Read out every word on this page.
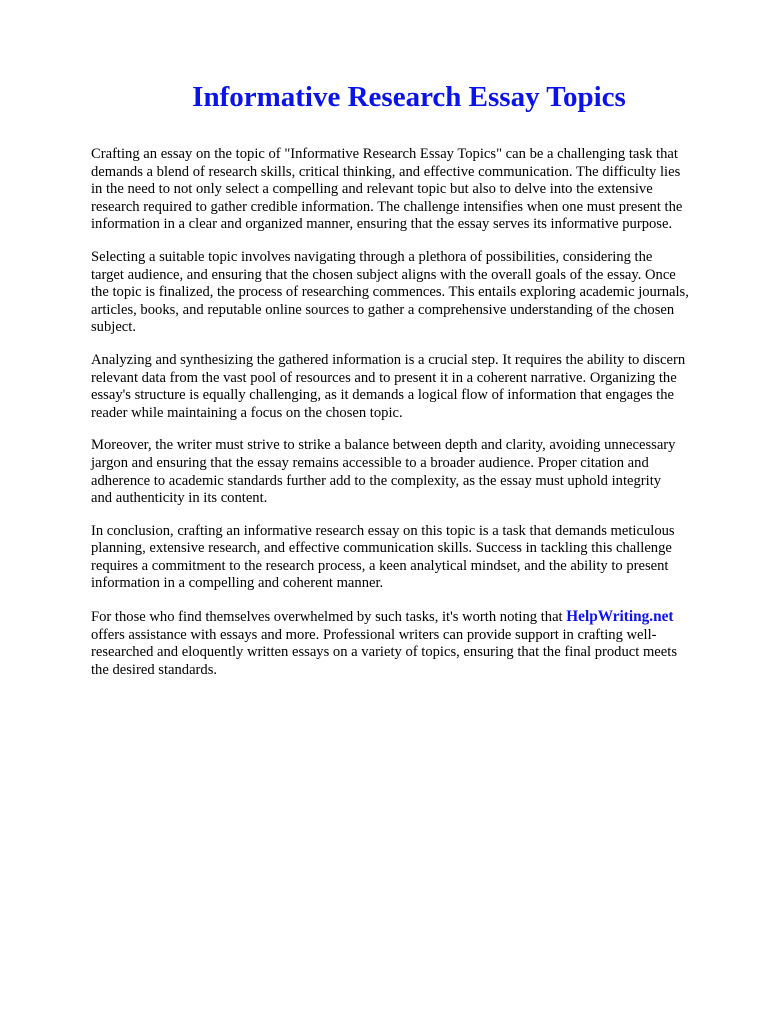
Informative Research Essay Topics

Crafting an essay on the topic of "Informative Research Essay Topics" can be a challenging task that
demands a blend of research skills, critical thinking, and effective communication. The difficulty lies
in the need to not only select a compelling and relevant topic but also to delve into the extensive
research required to gather credible information. The challenge intensifies when one must present the
information in a clear and organized manner, ensuring that the essay serves its informative purpose.

Selecting a suitable topic involves navigating through a plethora of possibilities, considering the
target audience, and ensuring that the chosen subject aligns with the overall goals of the essay. Once
the topic is finalized, the process of researching commences. This entails exploring academic journals,
articles, books, and reputable online sources to gather a comprehensive understanding of the chosen
subject.

Analyzing and synthesizing the gathered information is a crucial step. It requires the ability to discern
relevant data from the vast pool of resources and to present it in a coherent narrative. Organizing the
essay's structure is equally challenging, as it demands a logical flow of information that engages the
reader while maintaining a focus on the chosen topic.

Moreover, the writer must strive to strike a balance between depth and clarity, avoiding unnecessary
jargon and ensuring that the essay remains accessible to a broader audience. Proper citation and
adherence to academic standards further add to the complexity, as the essay must uphold integrity
and authenticity in its content.

In conclusion, crafting an informative research essay on this topic is a task that demands meticulous
planning, extensive research, and effective communication skills. Success in tackling this challenge
requires a commitment to the research process, a keen analytical mindset, and the ability to present
information in a compelling and coherent manner.

For those who find themselves overwhelmed by such tasks, it's worth noting that HelpWriting.net
offers assistance with essays and more. Professional writers can provide support in crafting well-
researched and eloquently written essays on a variety of topics, ensuring that the final product meets
the desired standards.
